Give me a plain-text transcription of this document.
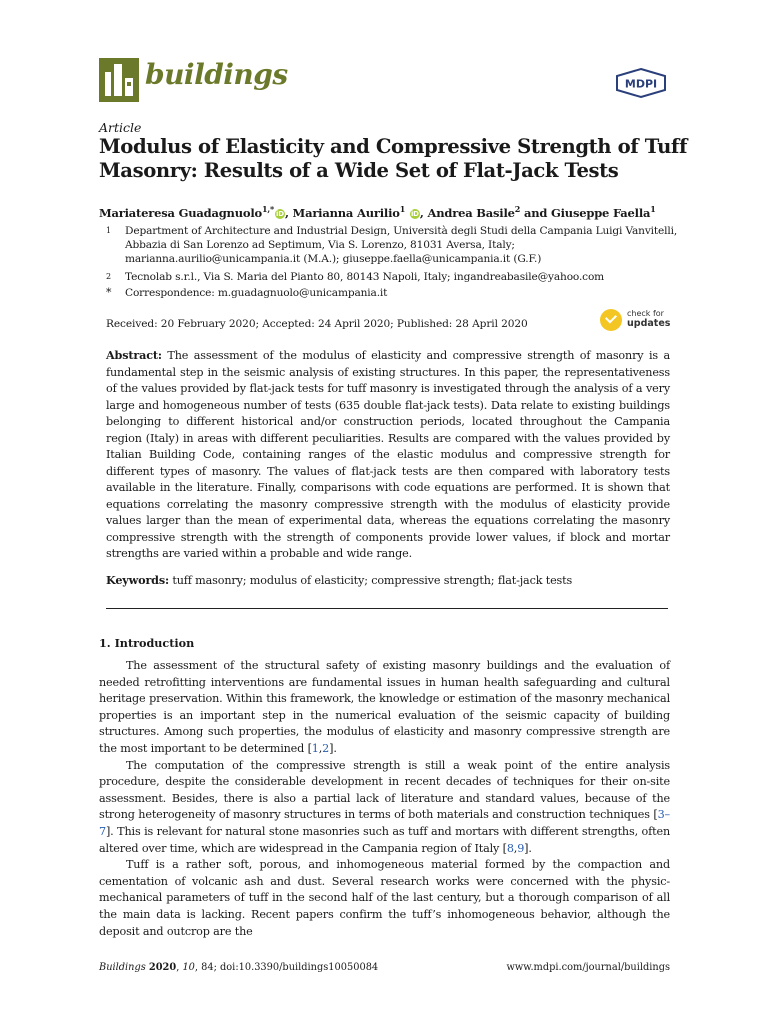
buildings	MDPI
Article
Modulus of Elasticity and Compressive Strength of Tuff Masonry: Results of a Wide Set of Flat-Jack Tests
Mariateresa Guadagnuolo$^{1,*}$ iD, Marianna Aurilio$^1$ iD, Andrea Basile$^2$ and Giuseppe Faella$^1$
1	Department of Architecture and Industrial Design, Università degli Studi della Campania Luigi Vanvitelli,
Abbazia di San Lorenzo ad Septimum, Via S. Lorenzo, 81031 Aversa, Italy;
marianna.aurilio@unicampania.it (M.A.); giuseppe.faella@unicampania.it (G.F.)
2	Tecnolab s.r.l., Via S. Maria del Pianto 80, 80143 Napoli, Italy; ingandreabasile@yahoo.com
*	Correspondence: m.guadagnuolo@unicampania.it
Received: 20 February 2020; Accepted: 24 April 2020; Published: 28 April 2020
check for
updates
Abstract: The assessment of the modulus of elasticity and compressive strength of masonry is a fundamental step in the seismic analysis of existing structures. In this paper, the representativeness of the values provided by flat-jack tests for tuff masonry is investigated through the analysis of a very large and homogeneous number of tests (635 double flat-jack tests). Data relate to existing buildings belonging to different historical and/or construction periods, located throughout the Campania region (Italy) in areas with different peculiarities. Results are compared with the values provided by Italian Building Code, containing ranges of the elastic modulus and compressive strength for different types of masonry. The values of flat-jack tests are then compared with laboratory tests available in the literature. Finally, comparisons with code equations are performed. It is shown that equations correlating the masonry compressive strength with the modulus of elasticity provide values larger than the mean of experimental data, whereas the equations correlating the masonry compressive strength with the strength of components provide lower values, if block and mortar strengths are varied within a probable and wide range.
Keywords: tuff masonry; modulus of elasticity; compressive strength; flat-jack tests
1. Introduction

The assessment of the structural safety of existing masonry buildings and the evaluation of needed retrofitting interventions are fundamental issues in human health safeguarding and cultural heritage preservation. Within this framework, the knowledge or estimation of the masonry mechanical properties is an important step in the numerical evaluation of the seismic capacity of building structures. Among such properties, the modulus of elasticity and masonry compressive strength are the most important to be determined [1,2].

The computation of the compressive strength is still a weak point of the entire analysis procedure, despite the considerable development in recent decades of techniques for their on-site assessment. Besides, there is also a partial lack of literature and standard values, because of the strong heterogeneity of masonry structures in terms of both materials and construction techniques [3–7]. This is relevant for natural stone masonries such as tuff and mortars with different strengths, often altered over time, which are widespread in the Campania region of Italy [8,9].

Tuff is a rather soft, porous, and inhomogeneous material formed by the compaction and cementation of volcanic ash and dust. Several research works were concerned with the physic-mechanical parameters of tuff in the second half of the last century, but a thorough comparison of all the main data is lacking. Recent papers confirm the tuff’s inhomogeneous behavior, although the deposit and outcrop are the

Buildings 2020, 10, 84; doi:10.3390/buildings10050084	www.mdpi.com/journal/buildings
